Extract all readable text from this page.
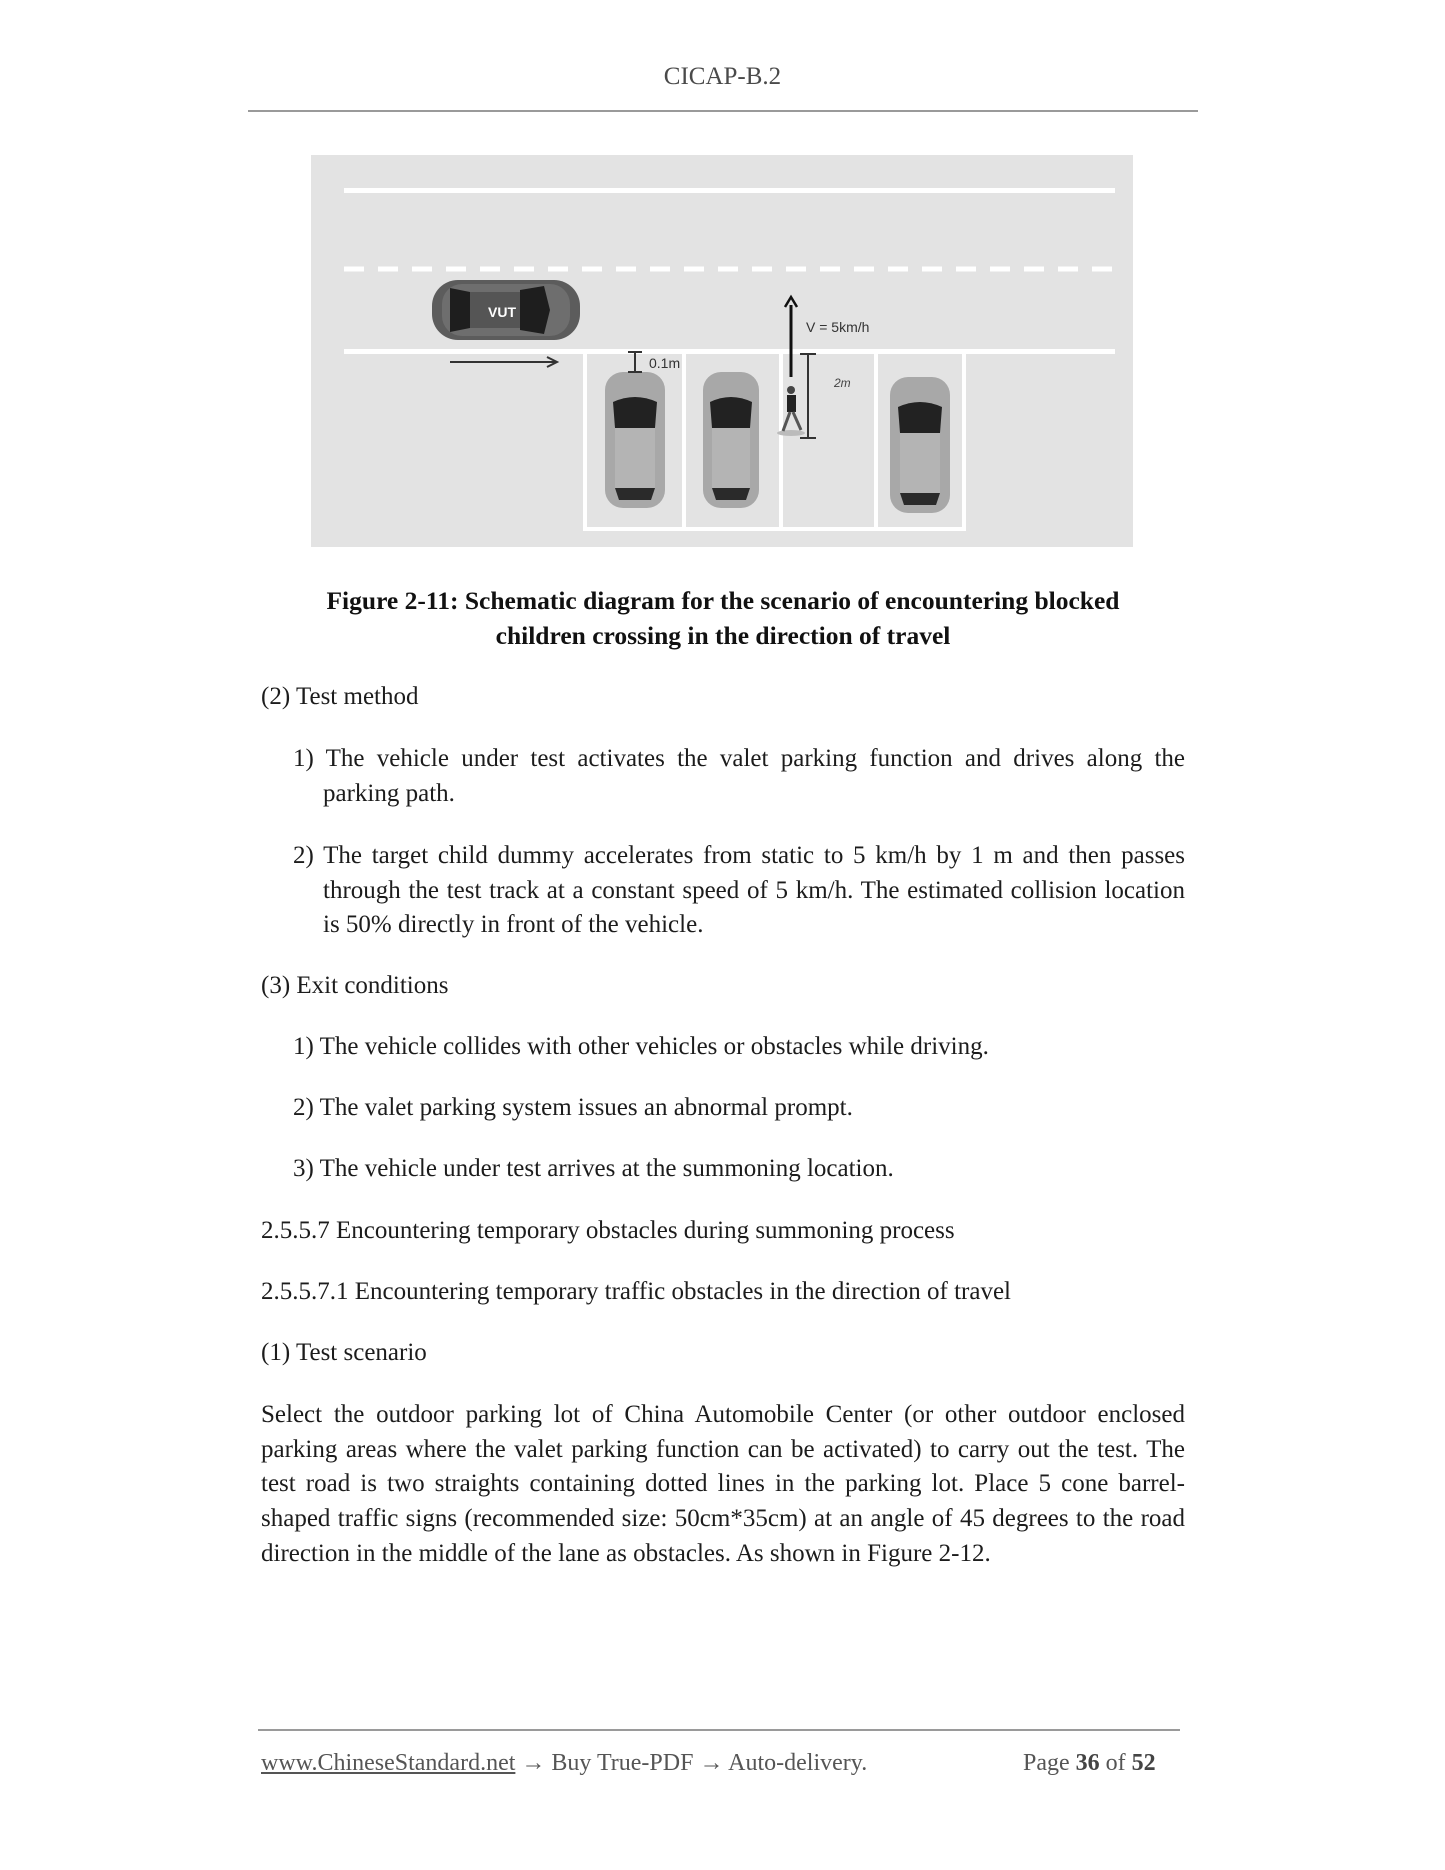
CICAP-B.2
VUT
0.1m
V = 5km/h
2m
Figure 2-11: Schematic diagram for the scenario of encountering blocked
children crossing in the direction of travel
(2) Test method
1) The vehicle under test activates the valet parking function and drives along the parking path.
2) The target child dummy accelerates from static to 5 km/h by 1 m and then passes through the test track at a constant speed of 5 km/h. The estimated collision location is 50% directly in front of the vehicle.
(3) Exit conditions
1) The vehicle collides with other vehicles or obstacles while driving.
2) The valet parking system issues an abnormal prompt.
3) The vehicle under test arrives at the summoning location.
2.5.5.7 Encountering temporary obstacles during summoning process
2.5.5.7.1 Encountering temporary traffic obstacles in the direction of travel
(1) Test scenario
Select the outdoor parking lot of China Automobile Center (or other outdoor enclosed parking areas where the valet parking function can be activated) to carry out the test. The test road is two straights containing dotted lines in the parking lot. Place 5 cone barrel-shaped traffic signs (recommended size: 50cm*35cm) at an angle of 45 degrees to the road direction in the middle of the lane as obstacles. As shown in Figure 2-12.
www.ChineseStandard.net → Buy True-PDF → Auto-delivery.	Page 36 of 52
